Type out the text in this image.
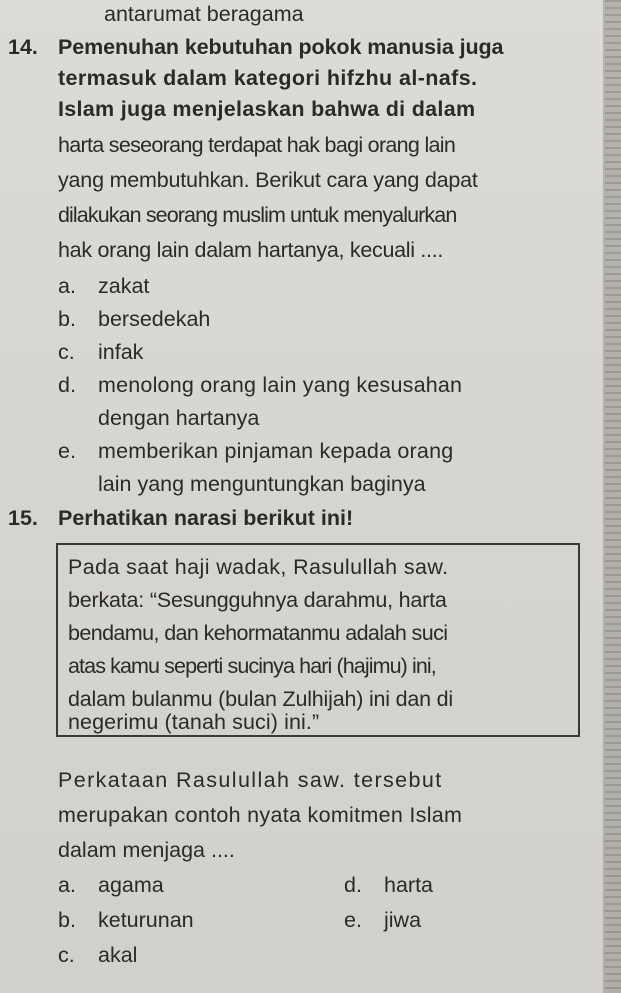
antarumat beragama
14. Pemenuhan kebutuhan pokok manusia juga
termasuk dalam kategori hifzhu al-nafs.
Islam juga menjelaskan bahwa di dalam
harta seseorang terdapat hak bagi orang lain
yang membutuhkan. Berikut cara yang dapat
dilakukan seorang muslim untuk menyalurkan
hak orang lain dalam hartanya, kecuali ....
a. zakat
b. bersedekah
c. infak
d. menolong orang lain yang kesusahan
dengan hartanya
e. memberikan pinjaman kepada orang
lain yang menguntungkan baginya
15. Perhatikan narasi berikut ini!
Pada saat haji wadak, Rasulullah saw.
berkata: “Sesungguhnya darahmu, harta
bendamu, dan kehormatanmu adalah suci
atas kamu seperti sucinya hari (hajimu) ini,
dalam bulanmu (bulan Zulhijah) ini dan di
negerimu (tanah suci) ini.”
Perkataan Rasulullah saw. tersebut
merupakan contoh nyata komitmen Islam
dalam menjaga ....
a. agama
b. keturunan
c. akal
d. harta
e. jiwa
